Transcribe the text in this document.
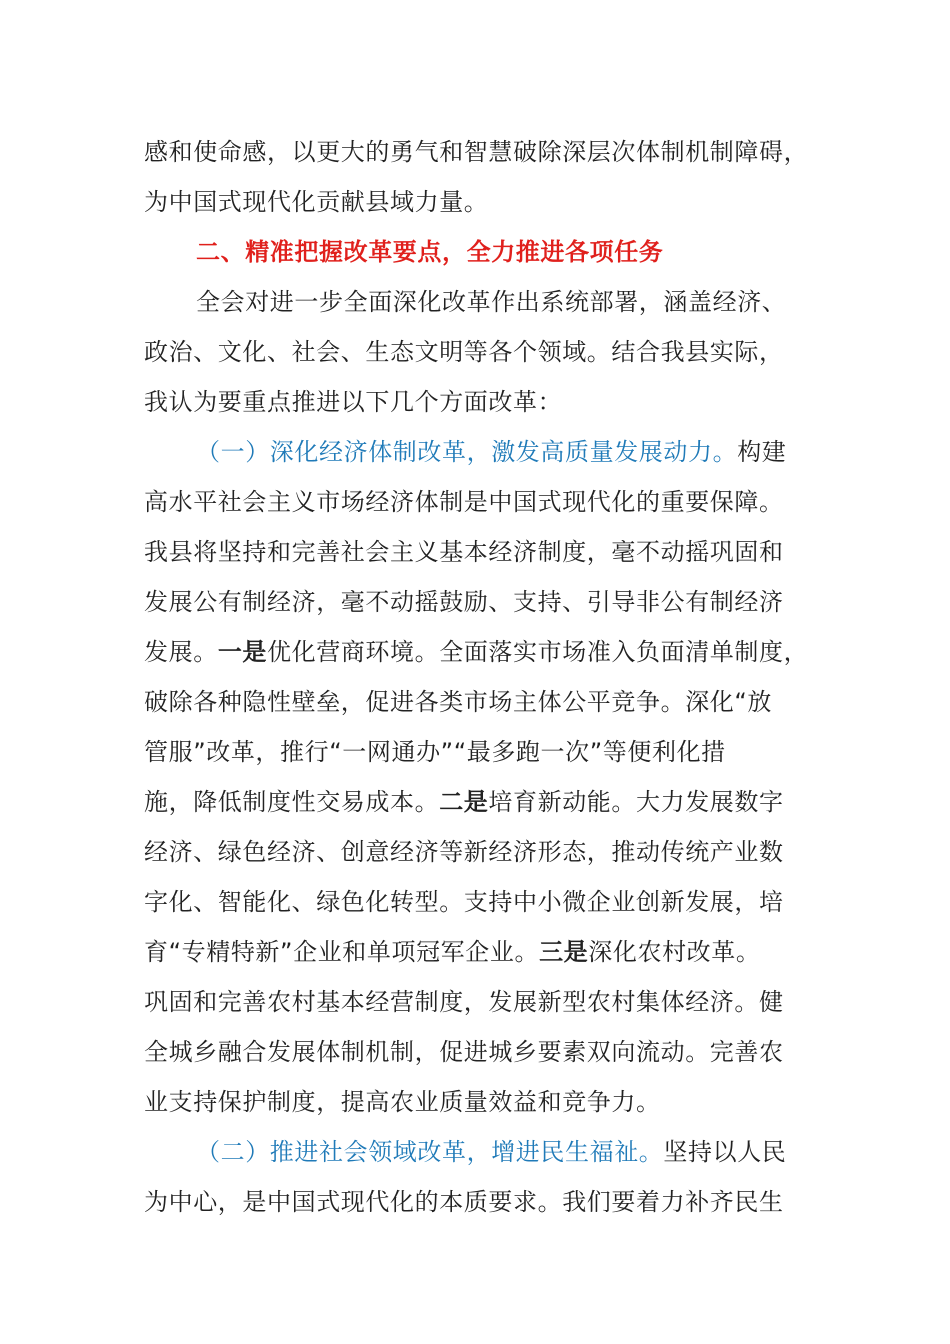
感和使命感，以更大的勇气和智慧破除深层次体制机制障碍，
为中国式现代化贡献县域力量。
二、精准把握改革要点，全力推进各项任务
全会对进一步全面深化改革作出系统部署，涵盖经济、
政治、文化、社会、生态文明等各个领域。结合我县实际，
我认为要重点推进以下几个方面改革：
（一）深化经济体制改革，激发高质量发展动力。构建
高水平社会主义市场经济体制是中国式现代化的重要保障。
我县将坚持和完善社会主义基本经济制度，毫不动摇巩固和
发展公有制经济，毫不动摇鼓励、支持、引导非公有制经济
发展。一是优化营商环境。全面落实市场准入负面清单制度，
破除各种隐性壁垒，促进各类市场主体公平竞争。深化“放
管服”改革，推行“一网通办”“最多跑一次”等便利化措
施，降低制度性交易成本。二是培育新动能。大力发展数字
经济、绿色经济、创意经济等新经济形态，推动传统产业数
字化、智能化、绿色化转型。支持中小微企业创新发展，培
育“专精特新”企业和单项冠军企业。三是深化农村改革。
巩固和完善农村基本经营制度，发展新型农村集体经济。健
全城乡融合发展体制机制，促进城乡要素双向流动。完善农
业支持保护制度，提高农业质量效益和竞争力。
（二）推进社会领域改革，增进民生福祉。坚持以人民
为中心，是中国式现代化的本质要求。我们要着力补齐民生
